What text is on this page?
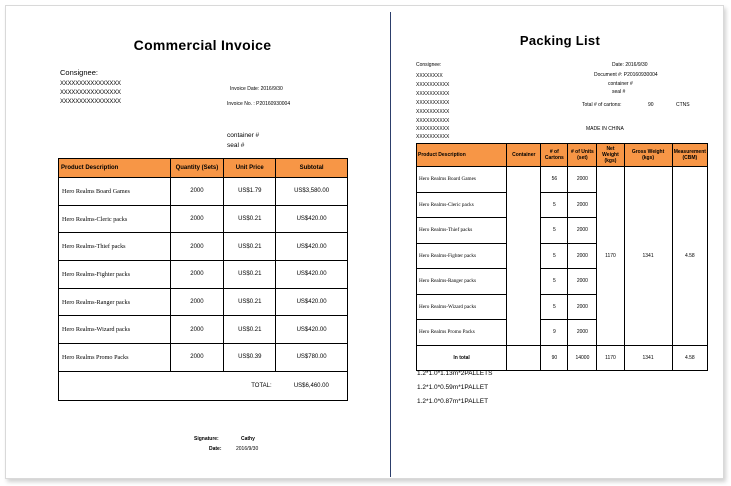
Commercial Invoice
Consignee:
XXXXXXXXXXXXXXXX
XXXXXXXXXXXXXXXX
XXXXXXXXXXXXXXXX
Invoice Date: 2016/9/30
Invoice No. : P20160930004
container #
seal #
Product Description	Quantity (Sets)	Unit Price	Subtotal
Hero Realms Board Games	2000	US$1.79	US$3,580.00
Hero Realms-Cleric packs	2000	US$0.21	US$420.00
Hero Realms-Thief packs	2000	US$0.21	US$420.00
Hero Realms-Fighter packs	2000	US$0.21	US$420.00
Hero Realms-Ranger packs	2000	US$0.21	US$420.00
Hero Realms-Wizard packs	2000	US$0.21	US$420.00
Hero Realms Promo Packs	2000	US$0.39	US$780.00
TOTAL:			US$6,460.00
Signature:	Cathy
Date:	2016/9/30
Packing List
Consignee:	Date: 2016/9/30
Document #: P20160930004
container #
seal #
Total # of cartons:	90	CTNS
XXXXXXXX
XXXXXXXXXX
XXXXXXXXXX
XXXXXXXXXX
XXXXXXXXXX
XXXXXXXXXX
XXXXXXXXXX
XXXXXXXXXX
MADE IN CHINA
Product Description	Container	# of Cartons	# of Units (set)	Net Weight (kgs)	Gross Weight (kgs)	Measurement (CBM)
Hero Realms Board Games		56	2000	1170	1341	4.58
Hero Realms-Cleric packs		5	2000			
Hero Realms-Thief packs		5	2000			
Hero Realms-Fighter packs		5	2000			
Hero Realms-Ranger packs		5	2000			
Hero Realms-Wizard packs		5	2000			
Hero Realms Promo Packs		9	2000			
In total		90	14000	1170	1341	4.58
1.2*1.0*1.13m*2PALLETS
1.2*1.0*0.59m*1PALLET
1.2*1.0*0.87m*1PALLET
